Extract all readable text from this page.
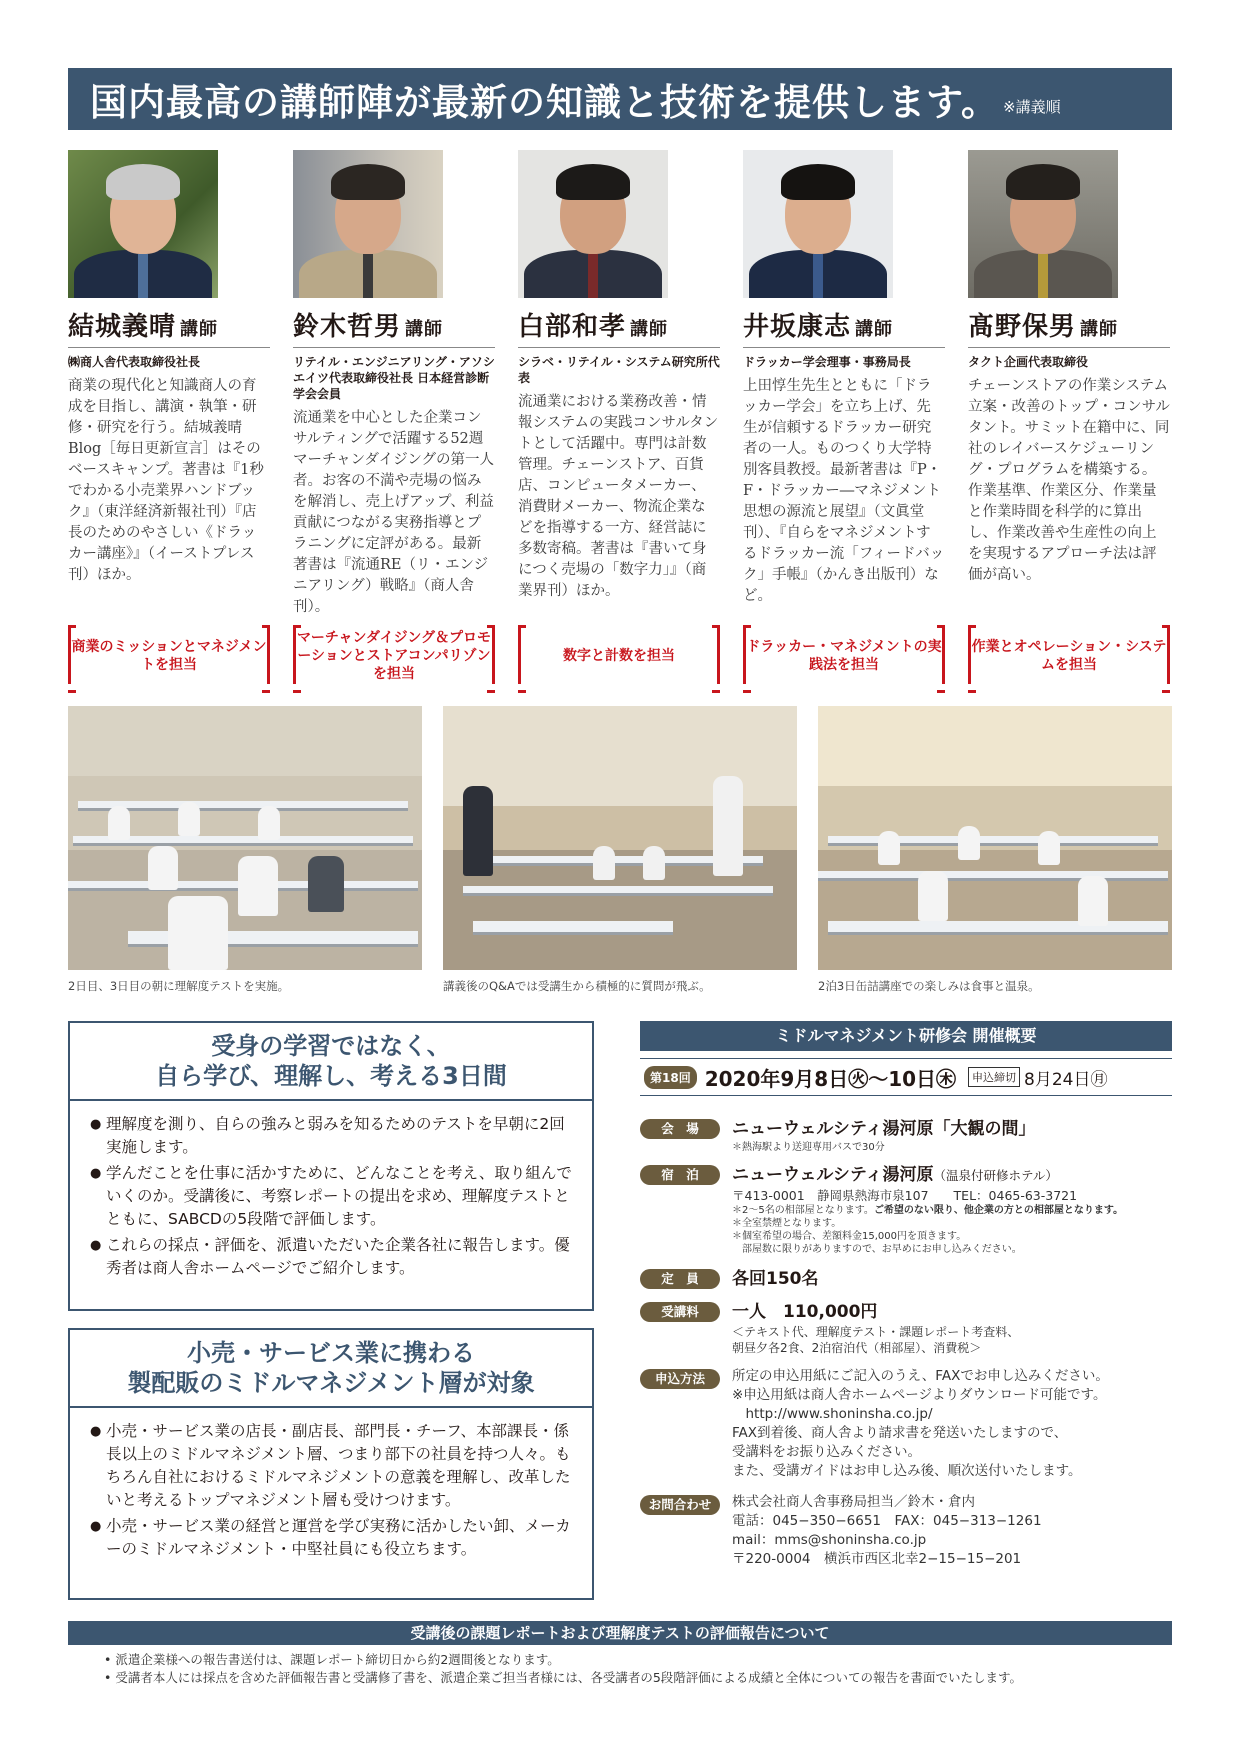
国内最高の講師陣が最新の知識と技術を提供します。 ※講義順
結城義晴 講師
㈱商人舎代表取締役社長
商業の現代化と知識商人の育成を目指し、講演・執筆・研修・研究を行う。結城義晴Blog［毎日更新宣言］はそのベースキャンプ。著書は『1秒でわかる小売業界ハンドブック』（東洋経済新報社刊）『店長のためのやさしい《ドラッカー講座》』（イーストプレス刊）ほか。
鈴木哲男 講師
リテイル・エンジニアリング・アソシエイツ代表取締役社長 日本経営診断学会会員
流通業を中心とした企業コンサルティングで活躍する52週マーチャンダイジングの第一人者。お客の不満や売場の悩みを解消し、売上げアップ、利益貢献につながる実務指導とプラニングに定評がある。最新著書は『流通RE（リ・エンジニアリング）戦略』（商人舎刊）。
白部和孝 講師
シラベ・リテイル・システム研究所代表
流通業における業務改善・情報システムの実践コンサルタントとして活躍中。専門は計数管理。チェーンストア、百貨店、コンピュータメーカー、消費財メーカー、物流企業などを指導する一方、経営誌に多数寄稿。著書は『書いて身につく売場の「数字力」』（商業界刊）ほか。
井坂康志 講師
ドラッカー学会理事・事務局長
上田惇生先生とともに「ドラッカー学会」を立ち上げ、先生が信頼するドラッカー研究者の一人。ものつくり大学特別客員教授。最新著書は『P・F・ドラッカー―マネジメント思想の源流と展望』（文眞堂刊）、『自らをマネジメントするドラッカー流「フィードバック」手帳』（かんき出版刊）など。
髙野保男 講師
タクト企画代表取締役
チェーンストアの作業システム立案・改善のトップ・コンサルタント。サミット在籍中に、同社のレイバースケジューリング・プログラムを構築する。作業基準、作業区分、作業量と作業時間を科学的に算出し、作業改善や生産性の向上を実現するアプローチ法は評価が高い。
商業のミッションとマネジメントを担当
マーチャンダイジング＆プロモーションとストアコンパリゾンを担当
数字と計数を担当
ドラッカー・マネジメントの実践法を担当
作業とオペレーション・システムを担当
2日目、3日目の朝に理解度テストを実施。	講義後のQ&Aでは受講生から積極的に質問が飛ぶ。	2泊3日缶詰講座での楽しみは食事と温泉。
受身の学習ではなく、
自ら学び、理解し、考える3日間
● 理解度を測り、自らの強みと弱みを知るためのテストを早朝に2回実施します。
● 学んだことを仕事に活かすために、どんなことを考え、取り組んでいくのか。受講後に、考察レポートの提出を求め、理解度テストとともに、SABCDの5段階で評価します。
● これらの採点・評価を、派遣いただいた企業各社に報告します。優秀者は商人舎ホームページでご紹介します。
小売・サービス業に携わる
製配販のミドルマネジメント層が対象
● 小売・サービス業の店長・副店長、部門長・チーフ、本部課長・係長以上のミドルマネジメント層、つまり部下の社員を持つ人々。もちろん自社におけるミドルマネジメントの意義を理解し、改革したいと考えるトップマネジメント層も受けつけます。
● 小売・サービス業の経営と運営を学び実務に活かしたい卸、メーカーのミドルマネジメント・中堅社員にも役立ちます。
ミドルマネジメント研修会 開催概要
第18回 2020年9月8日㊋〜10日㊍	申込締切 8月24日㊊
会　場	ニューウェルシティ湯河原「大観の間」
＊熱海駅より送迎専用バスで30分
宿　泊	ニューウェルシティ湯河原（温泉付研修ホテル）
〒413-0001　静岡県熱海市泉107　　TEL：0465-63-3721
＊2〜5名の相部屋となります。ご希望のない限り、他企業の方との相部屋となります。
＊全室禁煙となります。
＊個室希望の場合、差額料金15,000円を頂きます。
　部屋数に限りがありますので、お早めにお申し込みください。
定　員	各回150名
受講料	一人　110,000円
＜テキスト代、理解度テスト・課題レポート考査料、
朝昼夕各2食、2泊宿泊代（相部屋）、消費税＞
申込方法	所定の申込用紙にご記入のうえ、FAXでお申し込みください。
※申込用紙は商人舎ホームページよりダウンロード可能です。
　http://www.shoninsha.co.jp/
FAX到着後、商人舎より請求書を発送いたしますので、
受講料をお振り込みください。
また、受講ガイドはお申し込み後、順次送付いたします。
お問合わせ	株式会社商人舎事務局担当／鈴木・倉内
電話：045−350−6651　FAX：045−313−1261
mail：mms@shoninsha.co.jp
〒220-0004　横浜市西区北幸2−15−15−201
受講後の課題レポートおよび理解度テストの評価報告について
• 派遣企業様への報告書送付は、課題レポート締切日から約2週間後となります。
• 受講者本人には採点を含めた評価報告書と受講修了書を、派遣企業ご担当者様には、各受講者の5段階評価による成績と全体についての報告を書面でいたします。
